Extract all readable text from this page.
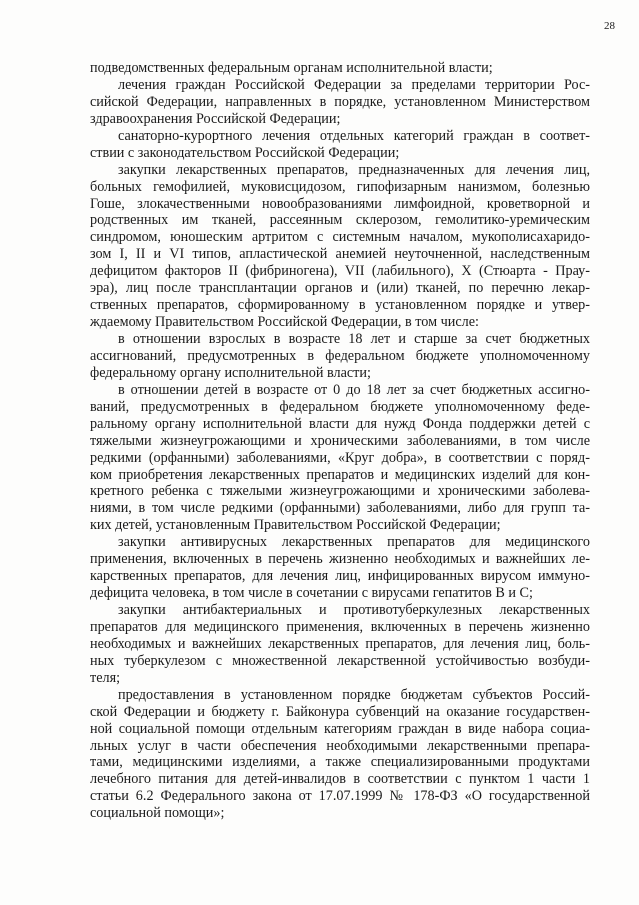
28
подведомственных федеральным органам исполнительной власти;
лечения граждан Российской Федерации за пределами территории Рос-
сийской Федерации, направленных в порядке, установленном Министерством
здравоохранения Российской Федерации;
санаторно-курортного лечения отдельных категорий граждан в соответ-
ствии с законодательством Российской Федерации;
закупки лекарственных препаратов, предназначенных для лечения лиц,
больных гемофилией, муковисцидозом, гипофизарным нанизмом, болезнью
Гоше, злокачественными новообразованиями лимфоидной, кроветворной и
родственных им тканей, рассеянным склерозом, гемолитико-уремическим
синдромом, юношеским артритом с системным началом, мукополисахаридо-
зом I, II и VI типов, апластической анемией неуточненной, наследственным
дефицитом факторов II (фибриногена), VII (лабильного), X (Стюарта - Прау-
эра), лиц после трансплантации органов и (или) тканей, по перечню лекар-
ственных препаратов, сформированному в установленном порядке и утвер-
ждаемому Правительством Российской Федерации, в том числе:
в отношении взрослых в возрасте 18 лет и старше за счет бюджетных
ассигнований, предусмотренных в федеральном бюджете уполномоченному
федеральному органу исполнительной власти;
в отношении детей в возрасте от 0 до 18 лет за счет бюджетных ассигно-
ваний, предусмотренных в федеральном бюджете уполномоченному феде-
ральному органу исполнительной власти для нужд Фонда поддержки детей с
тяжелыми жизнеугрожающими и хроническими заболеваниями, в том числе
редкими (орфанными) заболеваниями, «Круг добра», в соответствии с поряд-
ком приобретения лекарственных препаратов и медицинских изделий для кон-
кретного ребенка с тяжелыми жизнеугрожающими и хроническими заболева-
ниями, в том числе редкими (орфанными) заболеваниями, либо для групп та-
ких детей, установленным Правительством Российской Федерации;
закупки антивирусных лекарственных препаратов для медицинского
применения, включенных в перечень жизненно необходимых и важнейших ле-
карственных препаратов, для лечения лиц, инфицированных вирусом иммуно-
дефицита человека, в том числе в сочетании с вирусами гепатитов B и C;
закупки антибактериальных и противотуберкулезных лекарственных
препаратов для медицинского применения, включенных в перечень жизненно
необходимых и важнейших лекарственных препаратов, для лечения лиц, боль-
ных туберкулезом с множественной лекарственной устойчивостью возбуди-
теля;
предоставления в установленном порядке бюджетам субъектов Россий-
ской Федерации и бюджету г. Байконура субвенций на оказание государствен-
ной социальной помощи отдельным категориям граждан в виде набора социа-
льных услуг в части обеспечения необходимыми лекарственными препара-
тами, медицинскими изделиями, а также специализированными продуктами
лечебного питания для детей-инвалидов в соответствии с пунктом 1 части 1
статьи 6.2 Федерального закона от 17.07.1999 № 178-ФЗ «О государственной
социальной помощи»;
